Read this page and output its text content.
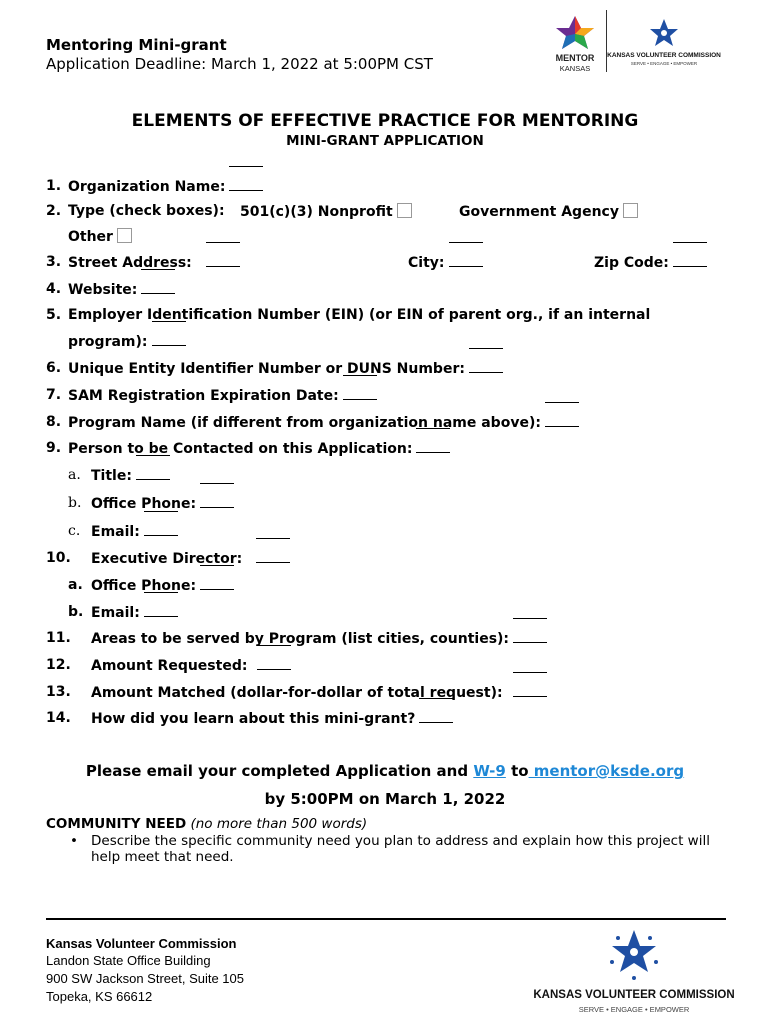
Mentoring Mini-grant
Application Deadline: March 1, 2022 at 5:00PM CST	MENTOR
KANSAS
KANSAS VOLUNTEER COMMISSION
SERVE • ENGAGE • EMPOWER
ELEMENTS OF EFFECTIVE PRACTICE FOR MENTORING
MINI-GRANT APPLICATION
1. Organization Name:
2. Type (check boxes): 501(c)(3) Nonprofit	Government Agency
Other
3. Street Address:	City:	Zip Code:
4. Website:
5. Employer Identification Number (EIN) (or EIN of parent org., if an internal
program):
6. Unique Entity Identifier Number or DUNS Number:
7. SAM Registration Expiration Date:
8. Program Name (if different from organization name above):
9. Person to be Contacted on this Application:
a. Title:
b. Office Phone:
c. Email:
10. Executive Director:
a. Office Phone:
b. Email:
11. Areas to be served by Program (list cities, counties):
12. Amount Requested:
13. Amount Matched (dollar-for-dollar of total request):
14. How did you learn about this mini-grant?
Please email your completed Application and W-9 to mentor@ksde.org
by 5:00PM on March 1, 2022
COMMUNITY NEED (no more than 500 words)
• Describe the specific community need you plan to address and explain how this project will help meet that need.
Kansas Volunteer Commission
Landon State Office Building
900 SW Jackson Street, Suite 105
Topeka, KS 66612	KANSAS VOLUNTEER COMMISSION
SERVE • ENGAGE • EMPOWER
